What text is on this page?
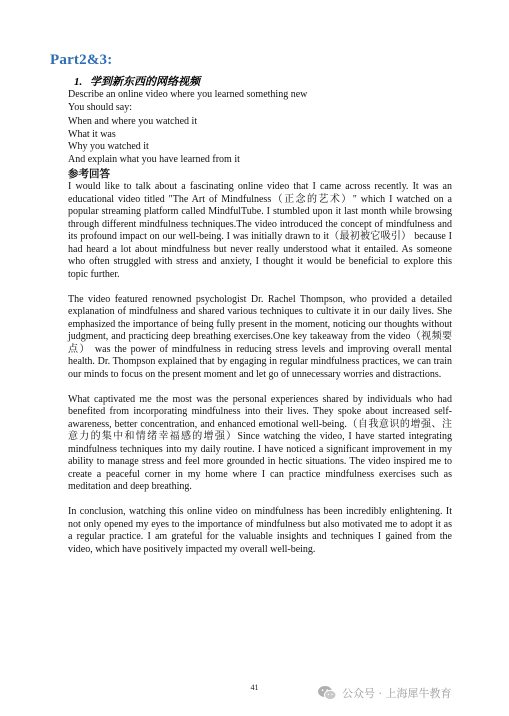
Part2&3:
1. 学到新东西的网络视频
Describe an online video where you learned something new
You should say:
When and where you watched it
What it was
Why you watched it
And explain what you have learned from it
参考回答

I would like to talk about a fascinating online video that I came across recently. It was an educational video titled "The Art of Mindfulness（正念的艺术）" which I watched on a popular streaming platform called MindfulTube. I stumbled upon it last month while browsing through different mindfulness techniques.The video introduced the concept of mindfulness and its profound impact on our well-being. I was initially drawn to it（最初被它吸引） because I had heard a lot about mindfulness but never really understood what it entailed. As someone who often struggled with stress and anxiety, I thought it would be beneficial to explore this topic further.

The video featured renowned psychologist Dr. Rachel Thompson, who provided a detailed explanation of mindfulness and shared various techniques to cultivate it in our daily lives. She emphasized the importance of being fully present in the moment, noticing our thoughts without judgment, and practicing deep breathing exercises.One key takeaway from the video（视频要点） was the power of mindfulness in reducing stress levels and improving overall mental health. Dr. Thompson explained that by engaging in regular mindfulness practices, we can train our minds to focus on the present moment and let go of unnecessary worries and distractions.

What captivated me the most was the personal experiences shared by individuals who had benefited from incorporating mindfulness into their lives. They spoke about increased self-awareness, better concentration, and enhanced emotional well-being.（自我意识的增强、注意力的集中和情绪幸福感的增强）Since watching the video, I have started integrating mindfulness techniques into my daily routine. I have noticed a significant improvement in my ability to manage stress and feel more grounded in hectic situations. The video inspired me to create a peaceful corner in my home where I can practice mindfulness exercises such as meditation and deep breathing.

In conclusion, watching this online video on mindfulness has been incredibly enlightening. It not only opened my eyes to the importance of mindfulness but also motivated me to adopt it as a regular practice. I am grateful for the valuable insights and techniques I gained from the video, which have positively impacted my overall well-being.

41	公众号 · 上海犀牛教育
